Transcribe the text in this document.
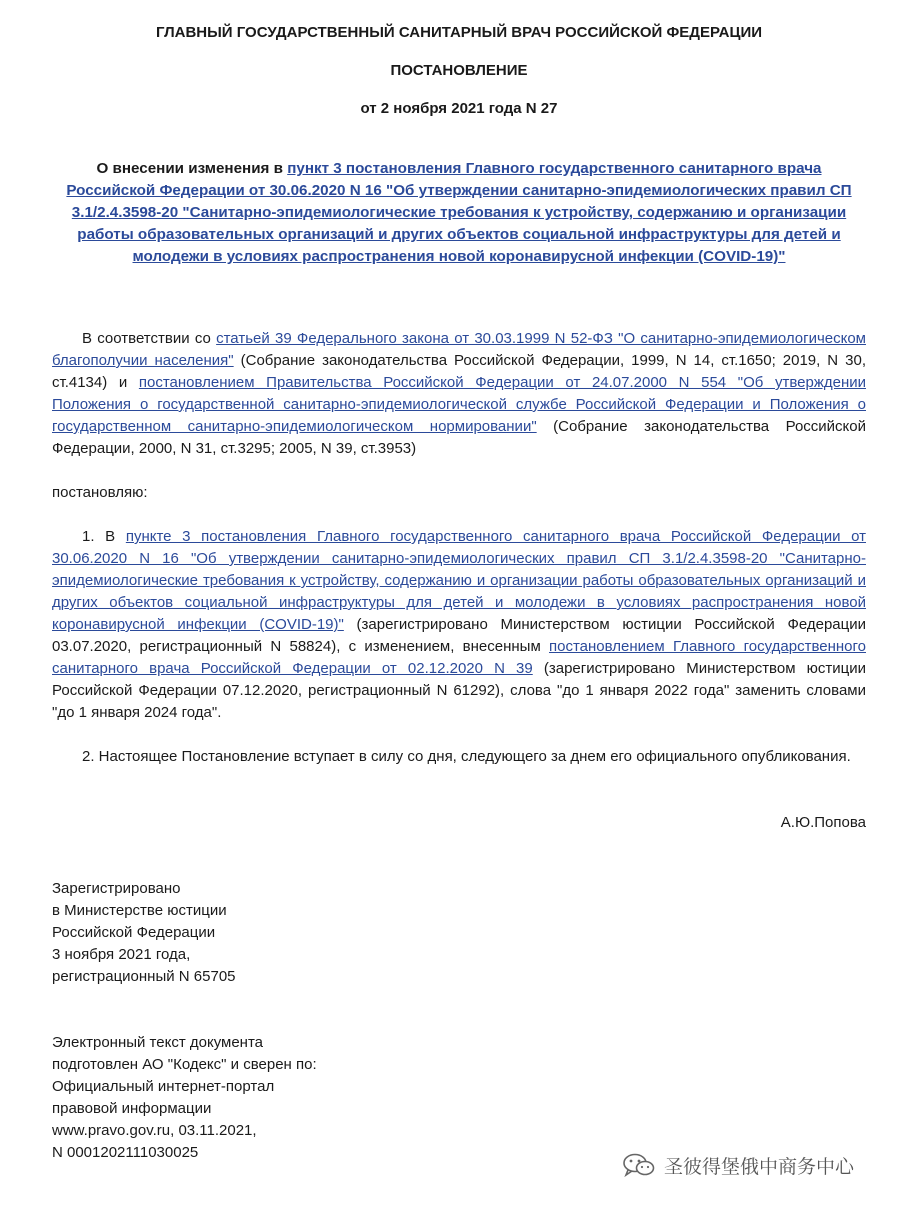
ГЛАВНЫЙ ГОСУДАРСТВЕННЫЙ САНИТАРНЫЙ ВРАЧ РОССИЙСКОЙ ФЕДЕРАЦИИ
ПОСТАНОВЛЕНИЕ
от 2 ноября 2021 года N 27
О внесении изменения в пункт 3 постановления Главного государственного санитарного врача Российской Федерации от 30.06.2020 N 16 "Об утверждении санитарно-эпидемиологических правил СП 3.1/2.4.3598-20 "Санитарно-эпидемиологические требования к устройству, содержанию и организации работы образовательных организаций и других объектов социальной инфраструктуры для детей и молодежи в условиях распространения новой коронавирусной инфекции (COVID-19)"
В соответствии со статьей 39 Федерального закона от 30.03.1999 N 52-ФЗ "О санитарно-эпидемиологическом благополучии населения" (Собрание законодательства Российской Федерации, 1999, N 14, ст.1650; 2019, N 30, ст.4134) и постановлением Правительства Российской Федерации от 24.07.2000 N 554 "Об утверждении Положения о государственной санитарно-эпидемиологической службе Российской Федерации и Положения о государственном санитарно-эпидемиологическом нормировании" (Собрание законодательства Российской Федерации, 2000, N 31, ст.3295; 2005, N 39, ст.3953)
постановляю:
1. В пункте 3 постановления Главного государственного санитарного врача Российской Федерации от 30.06.2020 N 16 "Об утверждении санитарно-эпидемиологических правил СП 3.1/2.4.3598-20 "Санитарно-эпидемиологические требования к устройству, содержанию и организации работы образовательных организаций и других объектов социальной инфраструктуры для детей и молодежи в условиях распространения новой коронавирусной инфекции (COVID-19)" (зарегистрировано Министерством юстиции Российской Федерации 03.07.2020, регистрационный N 58824), с изменением, внесенным постановлением Главного государственного санитарного врача Российской Федерации от 02.12.2020 N 39 (зарегистрировано Министерством юстиции Российской Федерации 07.12.2020, регистрационный N 61292), слова "до 1 января 2022 года" заменить словами "до 1 января 2024 года".
2. Настоящее Постановление вступает в силу со дня, следующего за днем его официального опубликования.
А.Ю.Попова
Зарегистрировано
в Министерстве юстиции
Российской Федерации
3 ноября 2021 года,
регистрационный N 65705
Электронный текст документа
подготовлен АО "Кодекс" и сверен по:
Официальный интернет-портал
правовой информации
www.pravo.gov.ru, 03.11.2021,
N 0001202111030025
圣彼得堡俄中商务中心
